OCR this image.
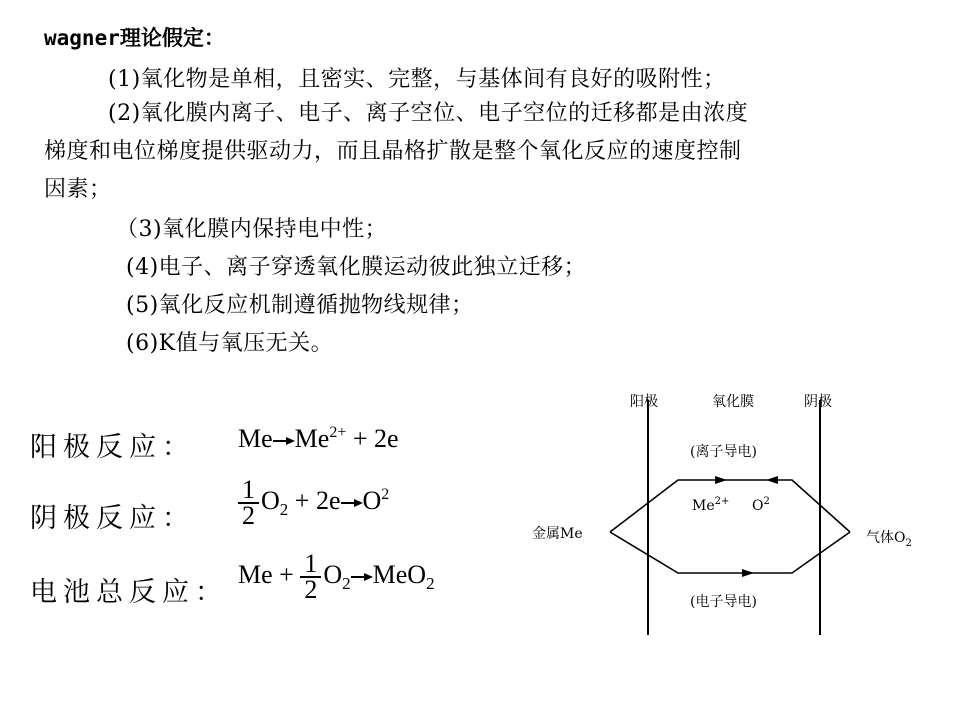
wagner理论假定：
(1)氧化物是单相，且密实、完整，与基体间有良好的吸附性；
(2)氧化膜内离子、电子、离子空位、电子空位的迁移都是由浓度
梯度和电位梯度提供驱动力，而且晶格扩散是整个氧化反应的速度控制
因素；
（3)氧化膜内保持电中性；
(4)电子、离子穿透氧化膜运动彼此独立迁移；
(5)氧化反应机制遵循抛物线规律；
(6)K值与氧压无关。
阳极反应： $Me\to Me^{2+} + 2e$
阴极反应： $\frac{1}{2} O_2 + 2e\to O^2$
电池总反应：
$Me + \frac{1}{2} O_2\to MeO_2$
阳极	氧化膜	阴极
(离子导电)
(电子导电)
金属Me	气体$O_2$
$Me^{2+}$ $O^2$
